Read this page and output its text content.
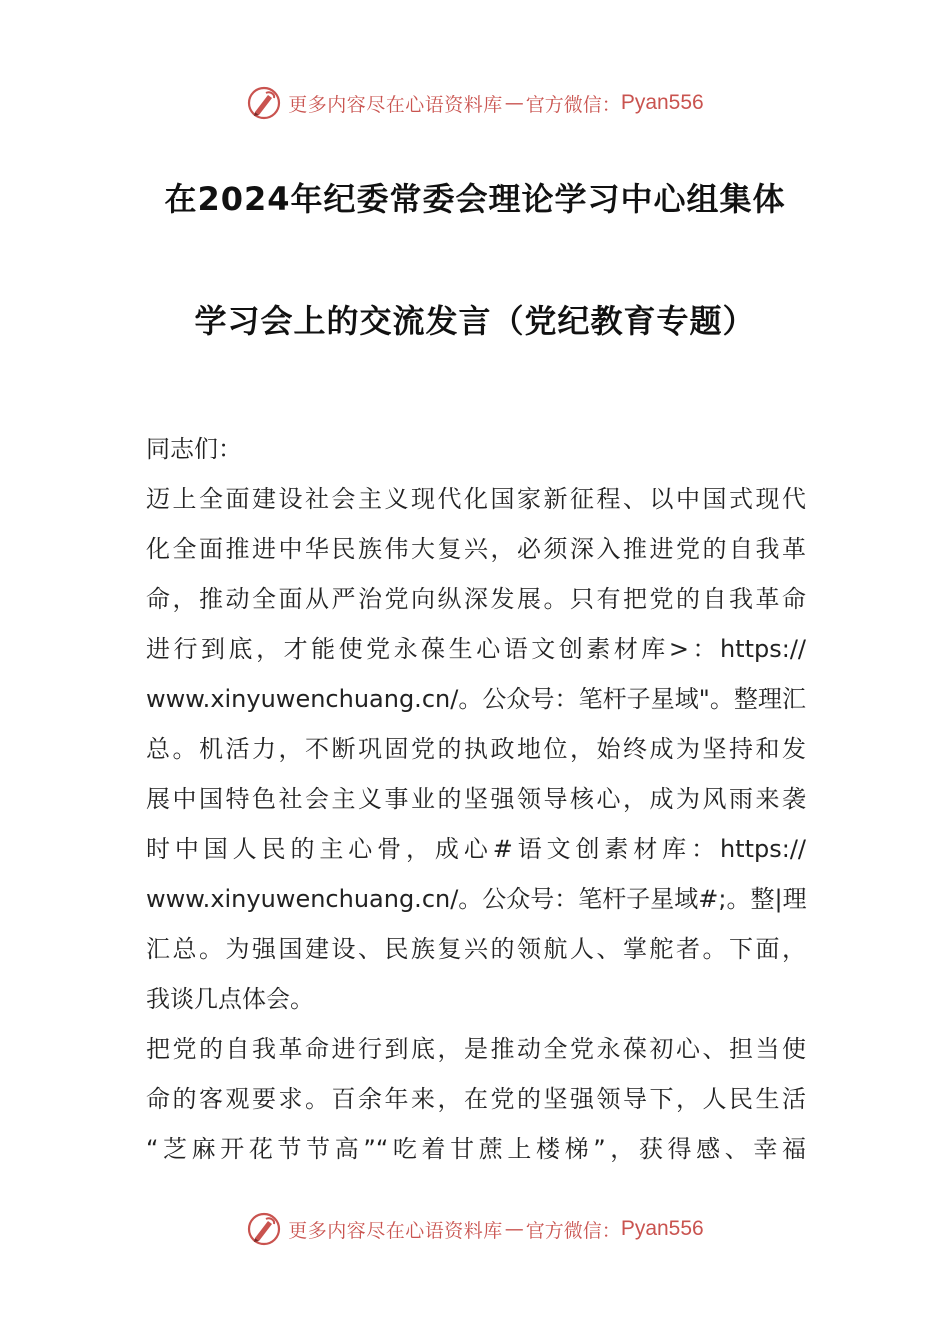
更多内容尽在心语资料库 — 官方微信： Pyan556
在2024年纪委常委会理论学习中心组集体
学习会上的交流发言（党纪教育专题）
同志们：
迈上全面建设社会主义现代化国家新征程、以中国式现代
化全面推进中华民族伟大复兴，必须深入推进党的自我革
命，推动全面从严治党向纵深发展。只有把党的自我革命
进行到底，才能使党永葆生心语文创素材库>：https://
www.xinyuwenchuang.cn/。公众号：笔杆子星域"。整理汇
总。机活力，不断巩固党的执政地位，始终成为坚持和发
展中国特色社会主义事业的坚强领导核心，成为风雨来袭
时中国人民的主心骨，成心#语文创素材库：https://
www.xinyuwenchuang.cn/。公众号：笔杆子星域#;。整|理
汇总。为强国建设、民族复兴的领航人、掌舵者。下面，
我谈几点体会。
把党的自我革命进行到底，是推动全党永葆初心、担当使
命的客观要求。百余年来，在党的坚强领导下，人民生活
“芝麻开花节节高”“吃着甘蔗上楼梯”，获得感、幸福
更多内容尽在心语资料库 — 官方微信： Pyan556
